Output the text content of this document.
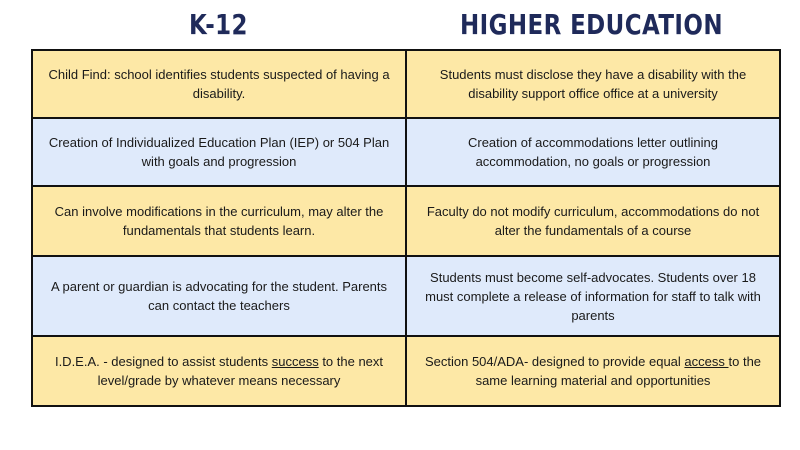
K-12	HIGHER EDUCATION
Child Find: school identifies students suspected of having a disability.	Students must disclose they have a disability with the disability support office office at a university
Creation of Individualized Education Plan (IEP) or 504 Plan with goals and progression	Creation of accommodations letter outlining accommodation, no goals or progression
Can involve modifications in the curriculum, may alter the fundamentals that students learn.	Faculty do not modify curriculum, accommodations do not alter the fundamentals of a course
A parent or guardian is advocating for the student. Parents can contact the teachers	Students must become self-advocates. Students over 18 must complete a release of information for staff to talk with parents
I.D.E.A. - designed to assist students success to the next level/grade by whatever means necessary	Section 504/ADA- designed to provide equal access to the same learning material and opportunities
